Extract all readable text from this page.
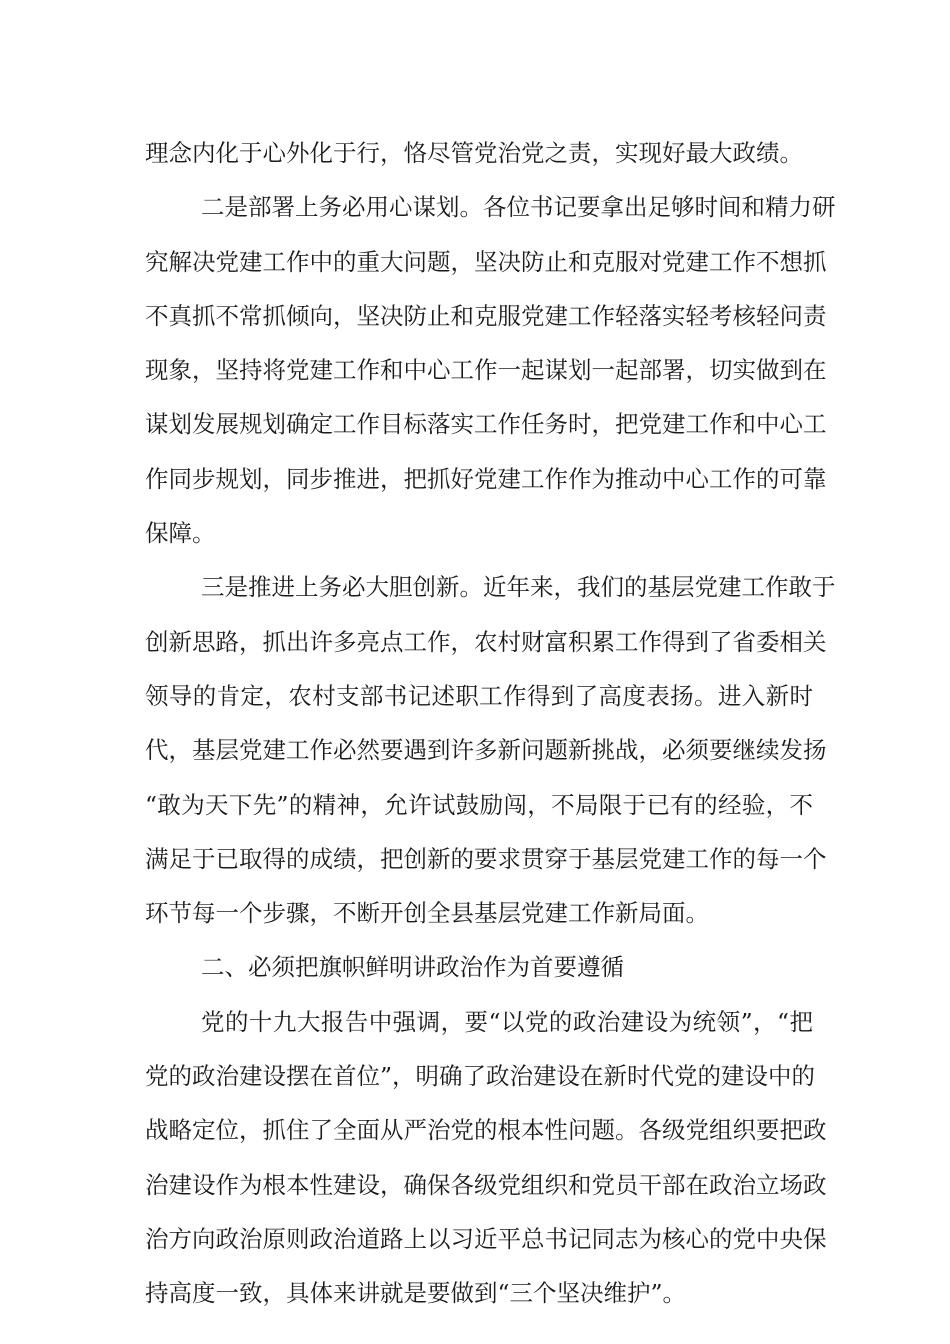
理念内化于心外化于行，恪尽管党治党之责，实现好最大政绩。
二是部署上务必用心谋划。各位书记要拿出足够时间和精力研
究解决党建工作中的重大问题，坚决防止和克服对党建工作不想抓
不真抓不常抓倾向，坚决防止和克服党建工作轻落实轻考核轻问责
现象，坚持将党建工作和中心工作一起谋划一起部署，切实做到在
谋划发展规划确定工作目标落实工作任务时，把党建工作和中心工
作同步规划，同步推进，把抓好党建工作作为推动中心工作的可靠
保障。
三是推进上务必大胆创新。近年来，我们的基层党建工作敢于
创新思路，抓出许多亮点工作，农村财富积累工作得到了省委相关
领导的肯定，农村支部书记述职工作得到了高度表扬。进入新时
代，基层党建工作必然要遇到许多新问题新挑战，必须要继续发扬
“敢为天下先”的精神，允许试鼓励闯，不局限于已有的经验，不
满足于已取得的成绩，把创新的要求贯穿于基层党建工作的每一个
环节每一个步骤，不断开创全县基层党建工作新局面。
二、必须把旗帜鲜明讲政治作为首要遵循
党的十九大报告中强调，要“以党的政治建设为统领”，“把
党的政治建设摆在首位”，明确了政治建设在新时代党的建设中的
战略定位，抓住了全面从严治党的根本性问题。各级党组织要把政
治建设作为根本性建设，确保各级党组织和党员干部在政治立场政
治方向政治原则政治道路上以习近平总书记同志为核心的党中央保
持高度一致，具体来讲就是要做到“三个坚决维护”。
